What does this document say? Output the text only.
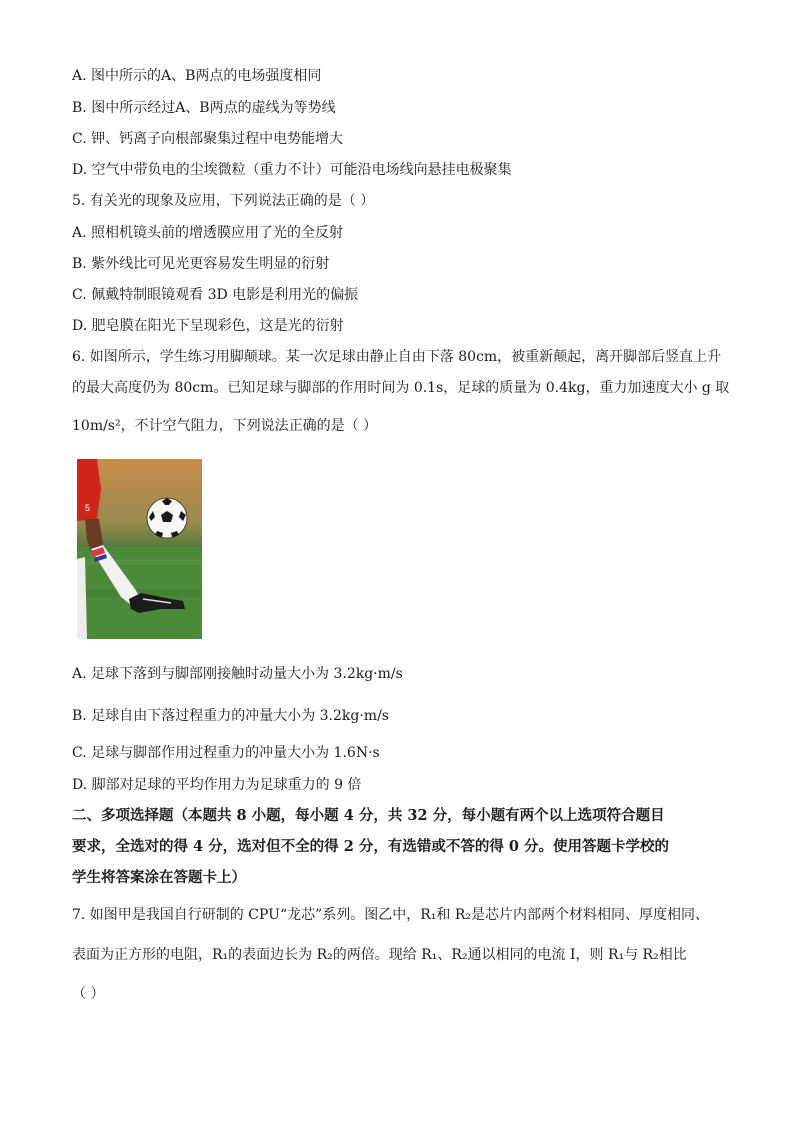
A. 图中所示的A、B两点的电场强度相同
B. 图中所示经过A、B两点的虚线为等势线
C. 钾、钙离子向根部聚集过程中电势能增大
D. 空气中带负电的尘埃微粒（重力不计）可能沿电场线向悬挂电极聚集
5. 有关光的现象及应用，下列说法正确的是（ ）
A. 照相机镜头前的增透膜应用了光的全反射
B. 紫外线比可见光更容易发生明显的衍射
C. 佩戴特制眼镜观看 3D 电影是利用光的偏振
D. 肥皂膜在阳光下呈现彩色，这是光的衍射
6. 如图所示，学生练习用脚颠球。某一次足球由静止自由下落 80cm，被重新颠起，离开脚部后竖直上升
的最大高度仍为 80cm。已知足球与脚部的作用时间为 0.1s，足球的质量为 0.4kg，重力加速度大小 g 取
10m/s²，不计空气阻力，下列说法正确的是（ ）
5
A. 足球下落到与脚部刚接触时动量大小为 3.2kg·m/s
B. 足球自由下落过程重力的冲量大小为 3.2kg·m/s
C. 足球与脚部作用过程重力的冲量大小为 1.6N·s
D. 脚部对足球的平均作用力为足球重力的 9 倍
二、多项选择题（本题共 8 小题，每小题 4 分，共 32 分，每小题有两个以上选项符合题目
要求，全选对的得 4 分，选对但不全的得 2 分，有选错或不答的得 0 分。使用答题卡学校的
学生将答案涂在答题卡上）
7. 如图甲是我国自行研制的 CPU“龙芯”系列。图乙中，R₁和 R₂是芯片内部两个材料相同、厚度相同、
表面为正方形的电阻，R₁的表面边长为 R₂的两倍。现给 R₁、R₂通以相同的电流 I，则 R₁与 R₂相比
（ ）
